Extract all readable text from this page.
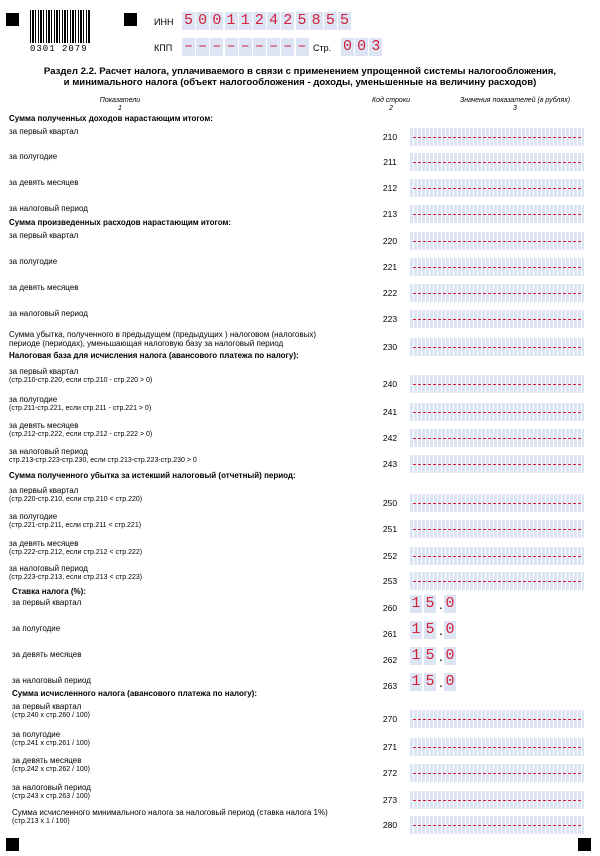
0301 2079
ИНН 5 0 0 1 1 2 4 2 5 8 5 5
КПП – – – – – – – – – Стр. 0 0 3
Раздел 2.2. Расчет налога, уплачиваемого в связи с применением упрощенной системы налогообложения,
и минимального налога (объект налогообложения - доходы, уменьшенные на величину расходов)
Показатели
1
Код строки
2
Значения показателей (в рублях)
3
Сумма полученных доходов нарастающим итогом:
за первый квартал
210
за полугодие
211
за девять месяцев
212
за налоговый период
213
Сумма произведенных расходов нарастающим итогом:
за первый квартал
220
за полугодие
221
за девять месяцев
222
за налоговый период
223
Сумма убытка, полученного в предыдущем (предыдущих ) налоговом (налоговых)
периоде (периодах), уменьшающая налоговую базу за налоговый период	230
Налоговая база для исчисления налога (авансового платежа по налогу):
за первый квартал
(стр.210-стр.220, если стр.210 - стр.220 > 0)	240
за полугодие
(стр.211-стр.221, если стр.211 - стр.221 > 0)	241
за девять месяцев
(стр.212-стр.222, если стр.212 - стр.222 > 0)	242
за налоговый период
стр.213-стр.223-стр.230, если стр.213-стр.223-стр.230 > 0	243
Сумма полученного убытка за истекший налоговый (отчетный) период:
за первый квартал
(стр.220-стр.210, если стр.210 < стр.220)	250
за полугодие
(стр.221-стр.211, если стр.211 < стр.221)	251
за девять месяцев
(стр.222-стр.212, если стр.212 < стр.222)	252
за налоговый период
(стр.223-стр.213, если стр.213 < стр.223)	253
Ставка налога (%):
за первый квартал
260 1 5 . 0
за полугодие
261 1 5 . 0
за девять месяцев
262 1 5 . 0
за налоговый период
263 1 5 . 0
Сумма исчисленного налога (авансового платежа по налогу):
за первый квартал
(стр.240 х стр.260 / 100)	270
за полугодие
(стр.241 х стр.261 / 100)	271
за девять месяцев
(стр.242 х стр.262 / 100)	272
за налоговый период
(стр.243 х стр.263 / 100)	273
Сумма исчисленного минимального налога за налоговый период (ставка налога 1%)
(стр.213 х 1 / 100)	280
